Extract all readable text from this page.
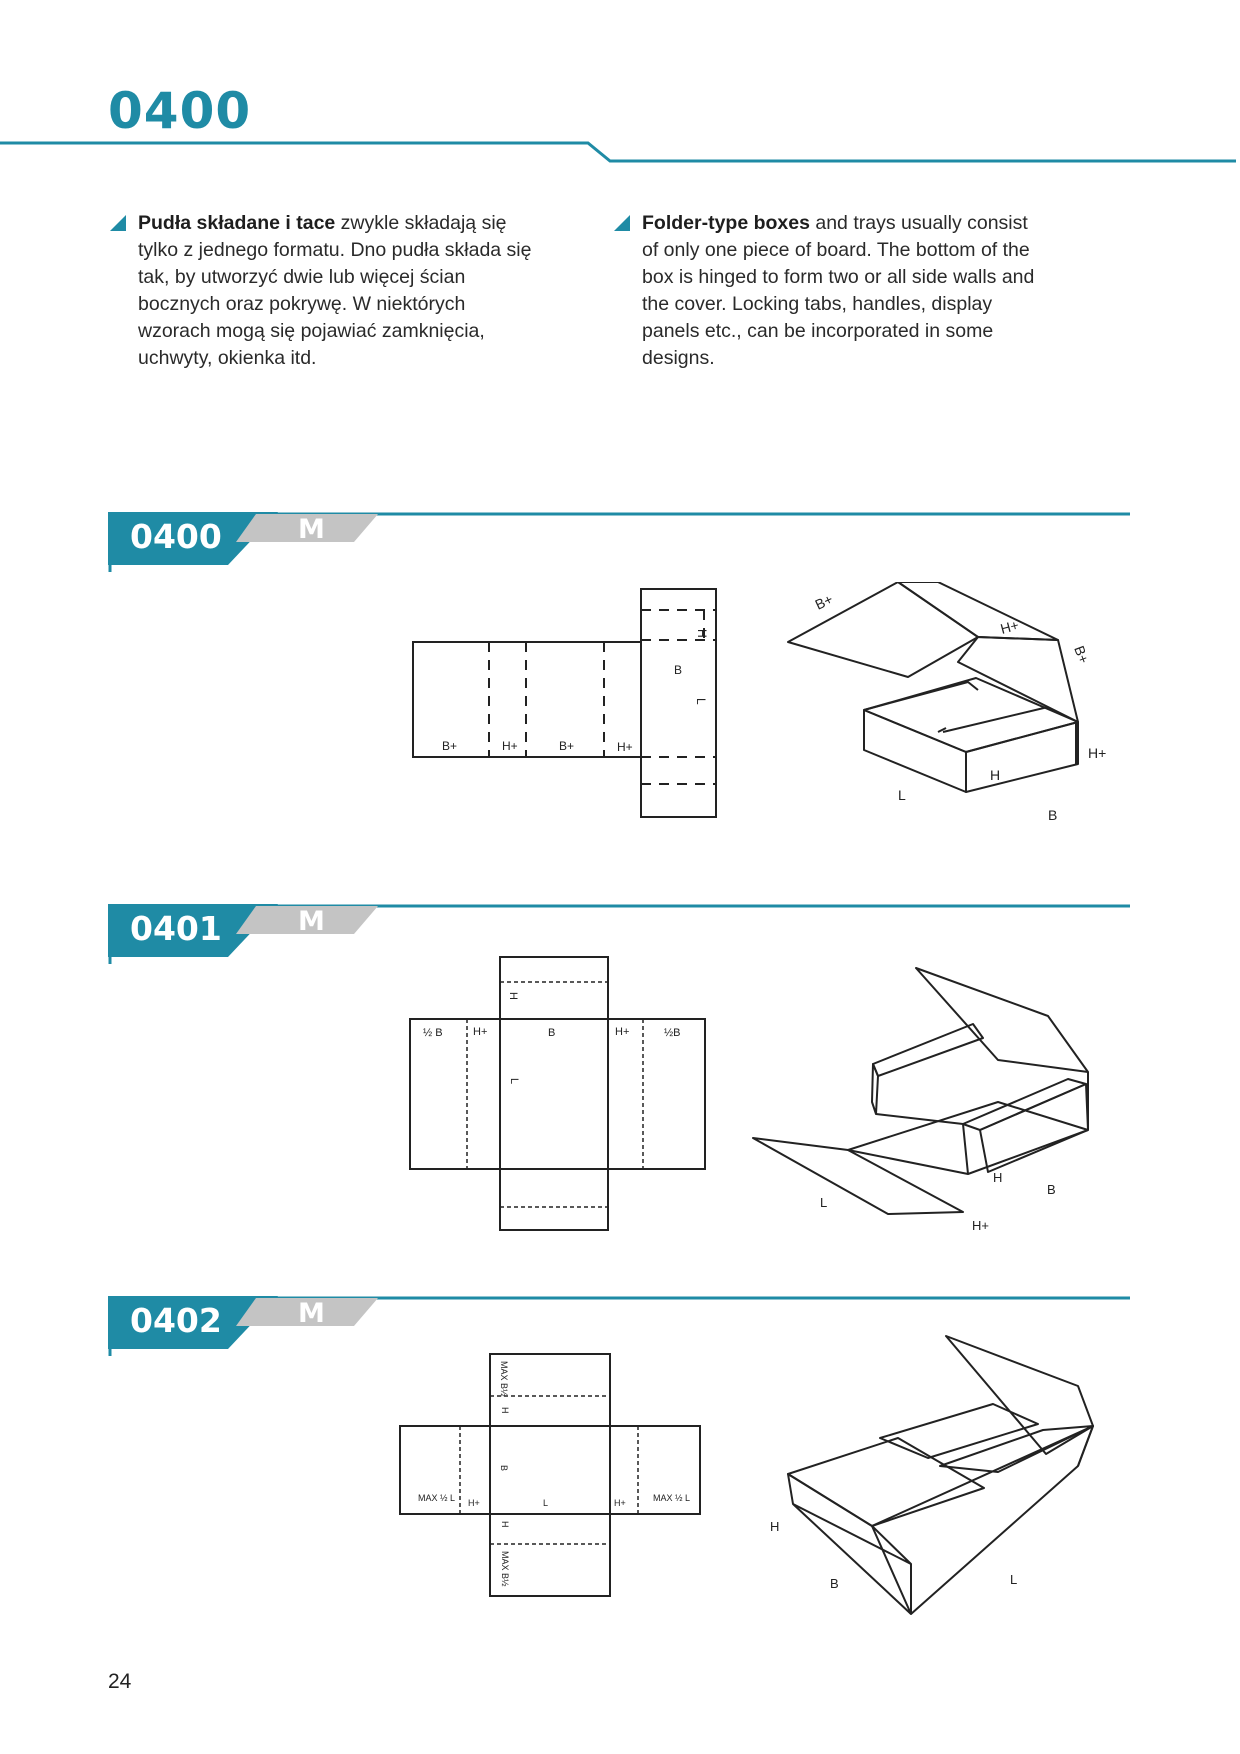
0400

Pudła składane i tace zwykle składają się tylko z jednego formatu. Dno pudła składa się tak, by utworzyć dwie lub więcej ścian bocznych oraz pokrywę. W niektórych wzorach mogą się pojawiać zamknięcia, uchwyty, okienka itd.

Folder-type boxes and trays usually consist of only one piece of board. The bottom of the box is hinged to form two or all side walls and the cover. Locking tabs, handles, display panels etc., can be incorporated in some designs.

0400	M
H
B
L
B+	H+	B+	H+
B+
H+
B+
H+
H
L
B
0401	M
H
½ B	H+	B	H+	½B
L
H
B
L
H+
0402	M
MAX B½
H
B
MAX ½ L H+	L	H+	MAX ½ L
H
MAX B½
H
B	L
24
